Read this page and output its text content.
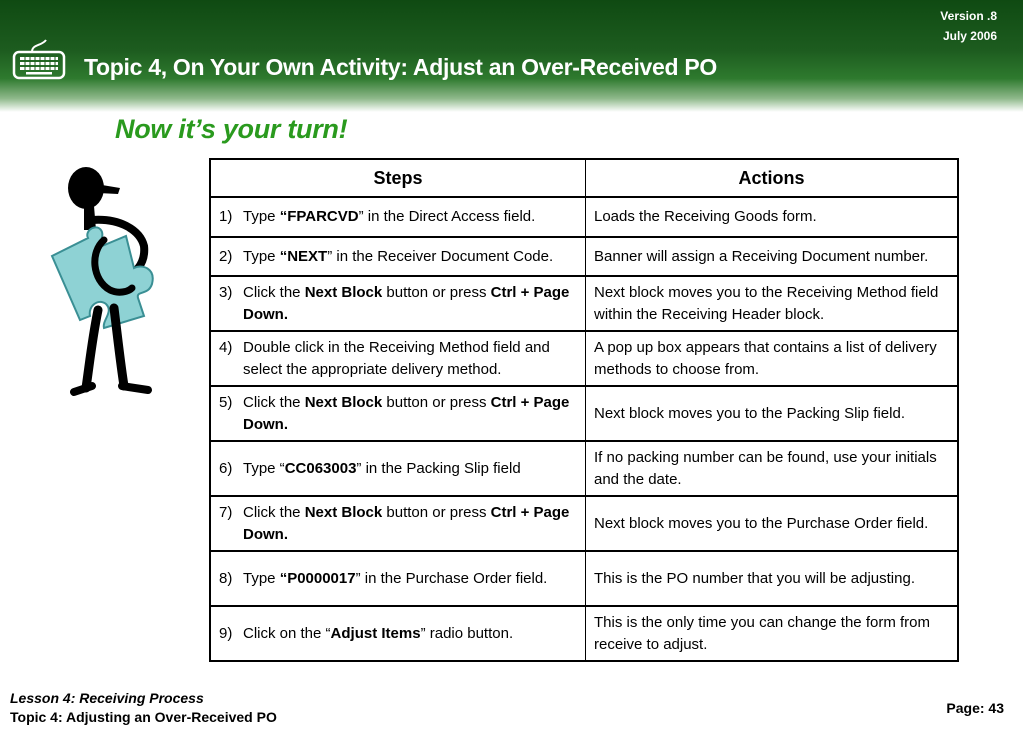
Version .8
July 2006
Topic 4, On Your Own Activity: Adjust an Over-Received PO
Now it’s your turn!
Steps	Actions

1) Type “FPARCVD” in the Direct Access field.	Loads the Receiving Goods form.

2) Type “NEXT” in the Receiver Document Code.	Banner will assign a Receiving Document number.

3) Click the Next Block button or press Ctrl + Page Down.	Next block moves you to the Receiving Method field within the Receiving Header block.

4) Double click in the Receiving Method field and select the appropriate delivery method.	A pop up box appears that contains a list of delivery methods to choose from.

5) Click the Next Block button or press Ctrl + Page Down.	Next block moves you to the Packing Slip field.

6) Type “CC063003” in the Packing Slip field	If no packing number can be found, use your initials and the date.

7) Click the Next Block button or press Ctrl + Page Down.	Next block moves you to the Purchase Order field.

8) Type “P0000017” in the Purchase Order field.	This is the PO number that you will be adjusting.

9) Click on the “Adjust Items” radio button.	This is the only time you can change the form from receive to adjust.
Lesson 4: Receiving Process
Topic 4: Adjusting an Over-Received PO
Page: 43
